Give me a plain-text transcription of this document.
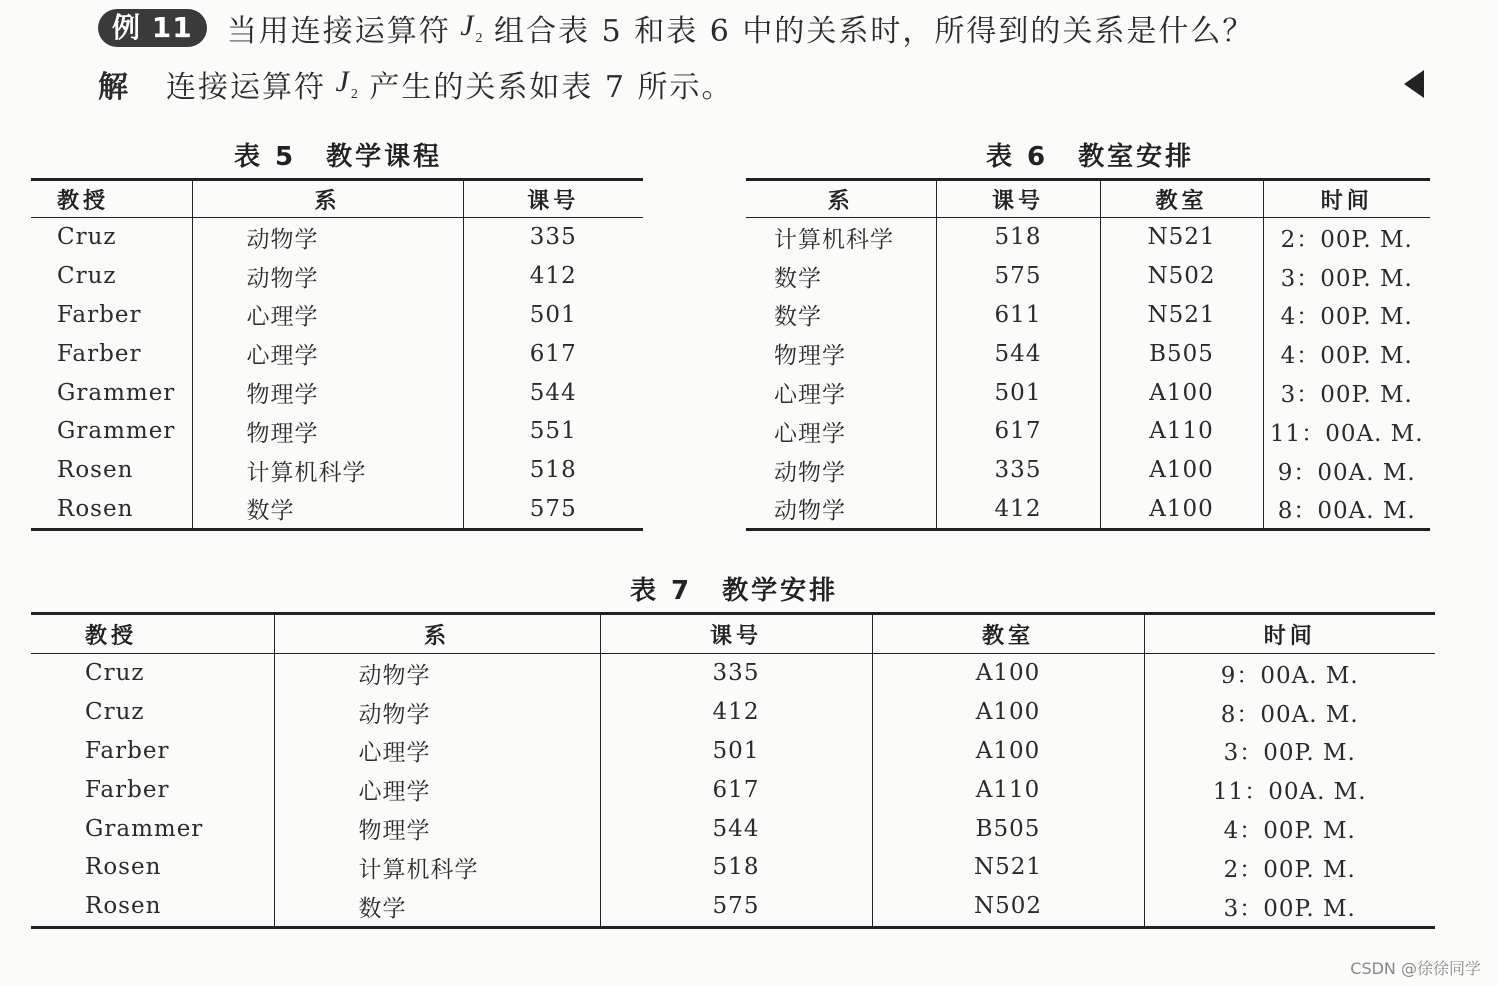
例 11	当用连接运算符 $J_2$ 组合表 5 和表 6 中的关系时，所得到的关系是什么？
解 连接运算符 $J_2$ 产生的关系如表 7 所示。
表 5 教学课程
教授	系	课号
Cruz	动物学	335
Cruz	动物学	412
Farber	心理学	501
Farber	心理学	617
Grammer	物理学	544
Grammer	物理学	551
Rosen	计算机科学	518
Rosen	数学	575
表 6 教室安排
系	课号	教室	时间
计算机科学	518	N521	2：00P. M.
数学	575	N502	3：00P. M.
数学	611	N521	4：00P. M.
物理学	544	B505	4：00P. M.
心理学	501	A100	3：00P. M.
心理学	617	A110	11：00A. M.
动物学	335	A100	9：00A. M.
动物学	412	A100	8：00A. M.
表 7 教学安排
教授	系	课号	教室	时间
Cruz	动物学	335	A100	9：00A. M.
Cruz	动物学	412	A100	8：00A. M.
Farber	心理学	501	A100	3：00P. M.
Farber	心理学	617	A110	11：00A. M.
Grammer	物理学	544	B505	4：00P. M.
Rosen	计算机科学	518	N521	2：00P. M.
Rosen	数学	575	N502	3：00P. M.
CSDN @徐徐同学
